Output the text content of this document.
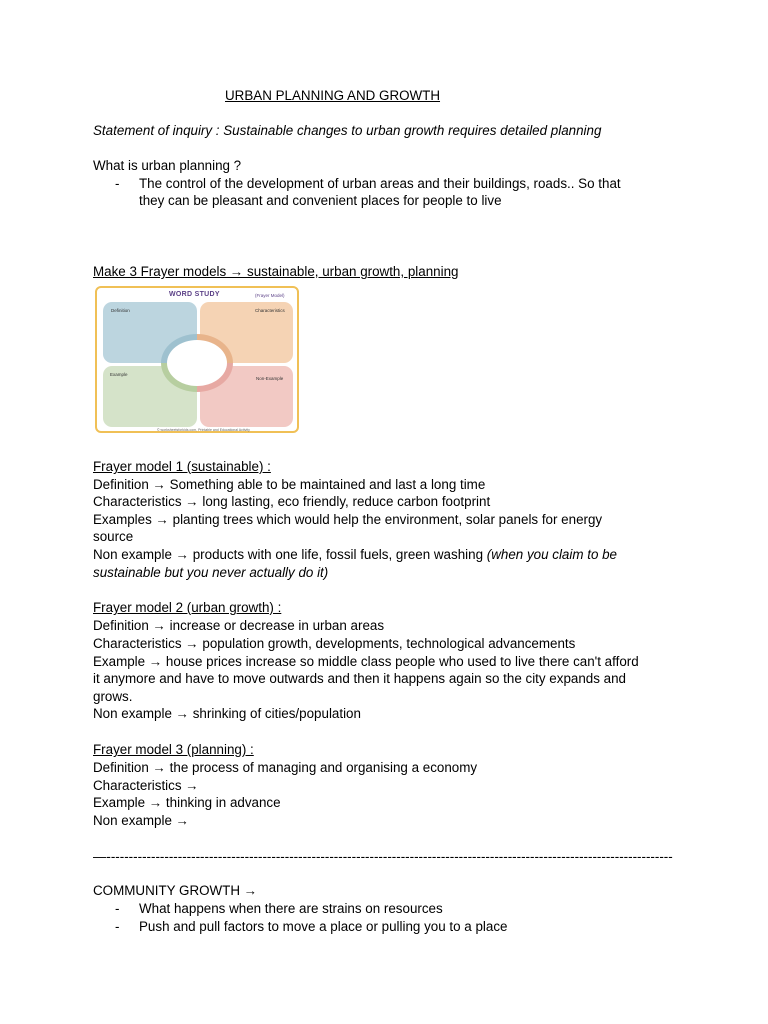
URBAN PLANNING AND GROWTH
Statement of inquiry : Sustainable changes to urban growth requires detailed planning
What is urban planning ?
- The control of the development of urban areas and their buildings, roads.. So that
they can be pleasant and convenient places for people to live
Make 3 Frayer models → sustainable, urban growth, planning
WORD STUDY	(Frayer Model)
Definition	Characteristics
Example
Non-Example
© worksheetsforkids.com, Printable and Educational Activity
Frayer model 1 (sustainable) :
Definition → Something able to be maintained and last a long time
Characteristics → long lasting, eco friendly, reduce carbon footprint
Examples → planting trees which would help the environment, solar panels for energy
source
Non example → products with one life, fossil fuels, green washing (when you claim to be
sustainable but you never actually do it)
Frayer model 2 (urban growth) :
Definition → increase or decrease in urban areas
Characteristics → population growth, developments, technological advancements
Example → house prices increase so middle class people who used to live there can't afford
it anymore and have to move outwards and then it happens again so the city expands and
grows.
Non example → shrinking of cities/population
Frayer model 3 (planning) :
Definition → the process of managing and organising a economy
Characteristics →
Example → thinking in advance
Non example →
—-------------------------------------------------------------------------------------------------------------------------------
COMMUNITY GROWTH →
- What happens when there are strains on resources
- Push and pull factors to move a place or pulling you to a place
